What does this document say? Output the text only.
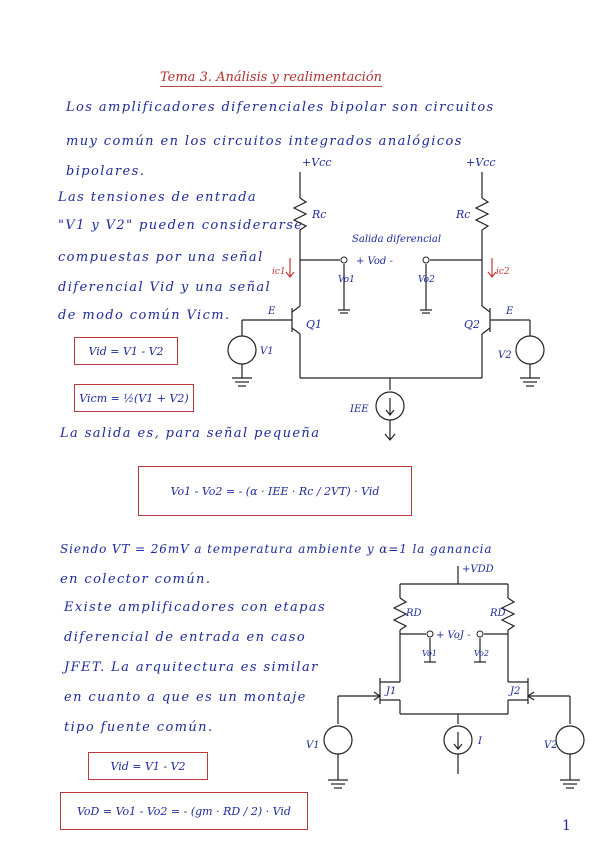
Tema 3. Análisis y realimentación
Los amplificadores diferenciales bipolar son circuitos
muy común en los circuitos integrados analógicos
bipolares.
Las tensiones de entrada
"V1 y V2" pueden considerarse
compuestas por una señal
diferencial Vid y una señal
de modo común Vicm.
Vid = V1 - V2
Vicm = ½(V1 + V2)
La salida es, para señal pequeña
Vo1 - Vo2 = - (α · IEE · Rc / 2VT) · Vid
Siendo VT = 26mV a temperatura ambiente y α=1 la ganancia
en colector común.
Existe amplificadores con etapas
diferencial de entrada en caso
JFET. La arquitectura es similar
en cuanto a que es un montaje
tipo fuente común.
Vid = V1 - V2
VoD = Vo1 - Vo2 = - (gm · RD / 2) · Vid
+Vcc	+Vcc
Rc	Rc
Salida diferencial
ic1	ic2
Vo1	Vo2
+ Vod -
Q1	Q2
E	E
V1	V2
IEE
+VDD
RD	RD
+ VoJ -
Vo1	Vo2
J1	J2
V1	V2
I
1
